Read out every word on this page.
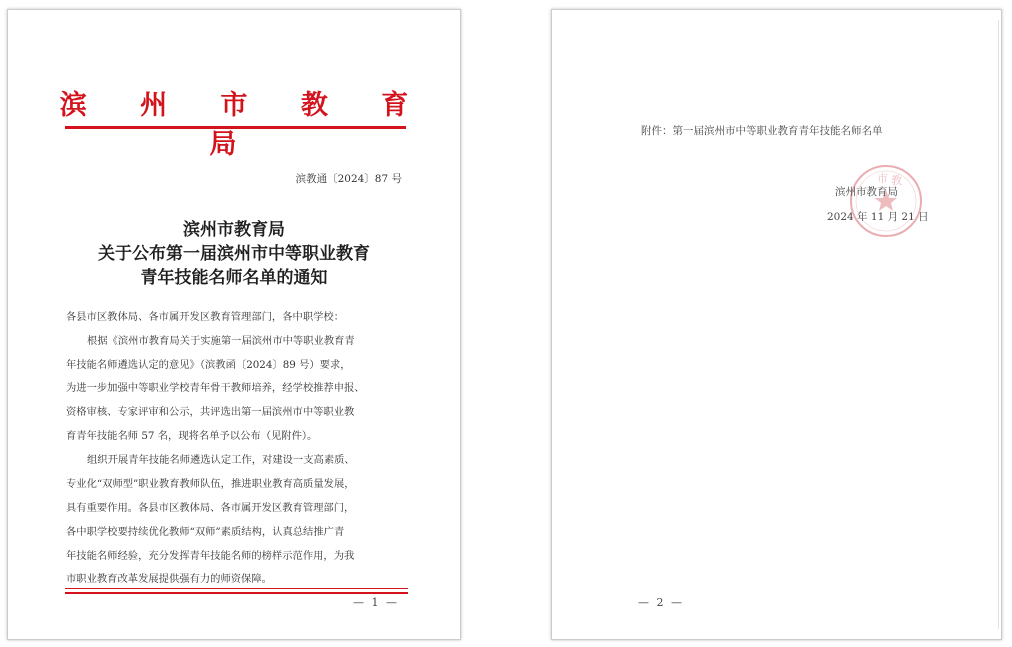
滨 州 市 教 育 局

滨教通〔2024〕87 号

滨州市教育局

关于公布第一届滨州市中等职业教育

青年技能名师名单的通知

各县市区教体局、各市属开发区教育管理部门，各中职学校：

根据《滨州市教育局关于实施第一届滨州市中等职业教育青

年技能名师遴选认定的意见》（滨教函〔2024〕89 号）要求，

为进一步加强中等职业学校青年骨干教师培养，经学校推荐申报、

资格审核、专家评审和公示，共评选出第一届滨州市中等职业教

育青年技能名师 57 名，现将名单予以公布（见附件）。

组织开展青年技能名师遴选认定工作，对建设一支高素质、

专业化“双师型”职业教育教师队伍，推进职业教育高质量发展，

具有重要作用。各县市区教体局、各市属开发区教育管理部门，

各中职学校要持续优化教师“双师”素质结构，认真总结推广青

年技能名师经验，充分发挥青年技能名师的榜样示范作用，为我

市职业教育改革发展提供强有力的师资保障。

— 1 —

附件：第一届滨州市中等职业教育青年技能名师名单

市 教

滨州市教育局

2024 年 11 月 21 日

— 2 —
